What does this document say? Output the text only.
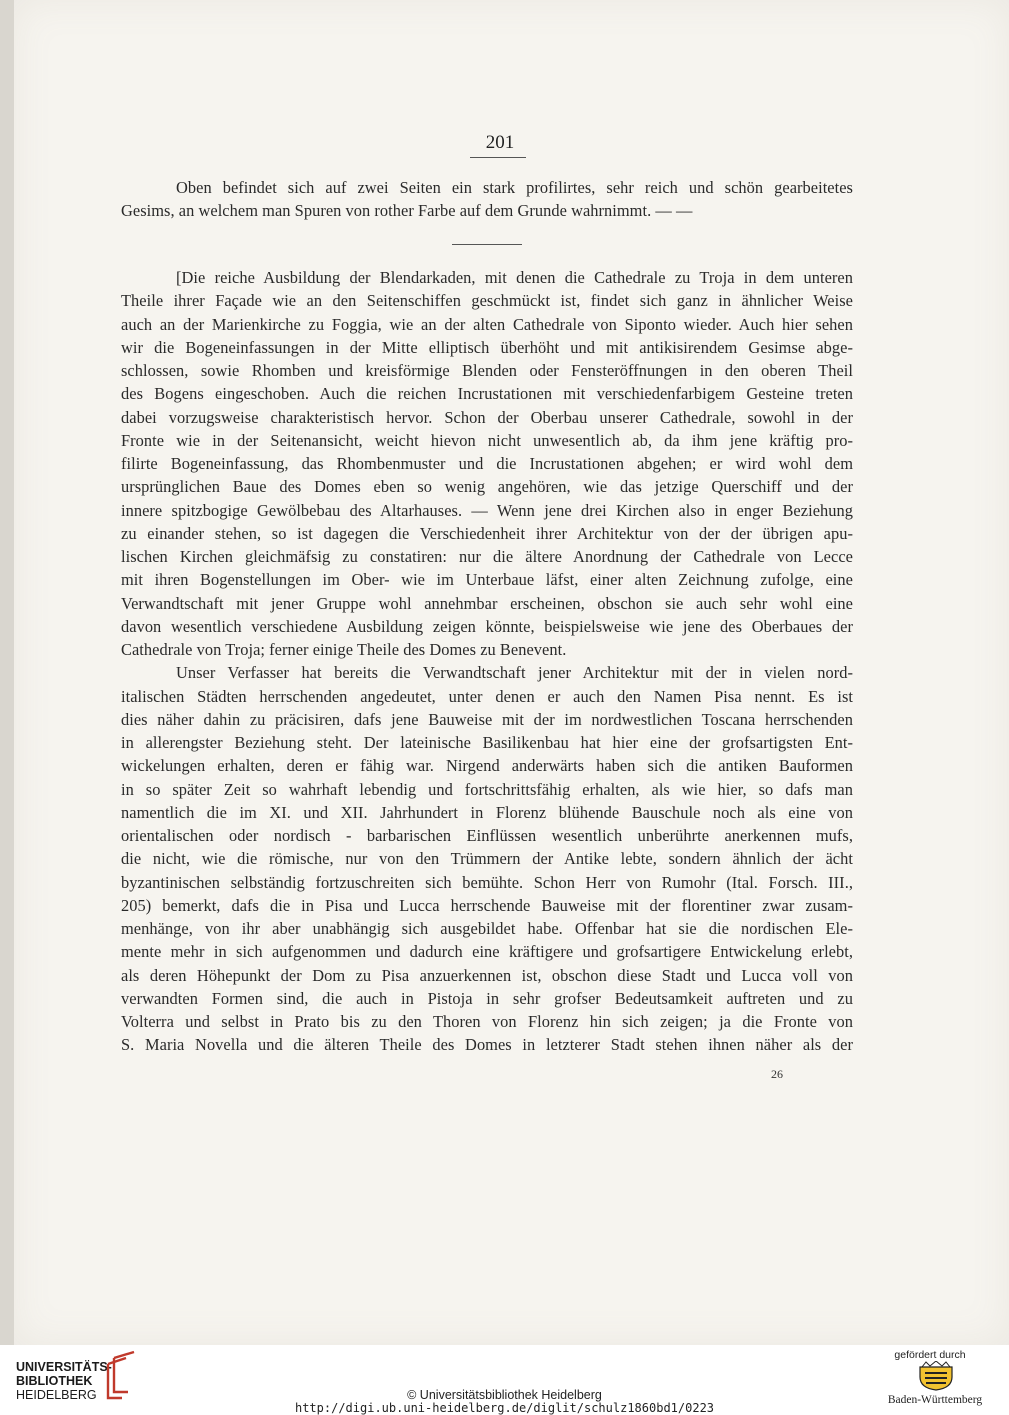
201
Oben befindet sich auf zwei Seiten ein stark profilirtes, sehr reich und schön gearbeitetes
Gesims, an welchem man Spuren von rother Farbe auf dem Grunde wahrnimmt. — —
[Die reiche Ausbildung der Blendarkaden, mit denen die Cathedrale zu Troja in dem unteren
Theile ihrer Façade wie an den Seitenschiffen geschmückt ist, findet sich ganz in ähnlicher Weise
auch an der Marienkirche zu Foggia, wie an der alten Cathedrale von Siponto wieder. Auch hier sehen
wir die Bogeneinfassungen in der Mitte elliptisch überhöht und mit antikisirendem Gesimse abge-
schlossen, sowie Rhomben und kreisförmige Blenden oder Fensteröffnungen in den oberen Theil
des Bogens eingeschoben. Auch die reichen Incrustationen mit verschiedenfarbigem Gesteine treten
dabei vorzugsweise charakteristisch hervor. Schon der Oberbau unserer Cathedrale, sowohl in der
Fronte wie in der Seitenansicht, weicht hievon nicht unwesentlich ab, da ihm jene kräftig pro-
filirte Bogeneinfassung, das Rhombenmuster und die Incrustationen abgehen; er wird wohl dem
ursprünglichen Baue des Domes eben so wenig angehören, wie das jetzige Querschiff und der
innere spitzbogige Gewölbebau des Altarhauses. — Wenn jene drei Kirchen also in enger Beziehung
zu einander stehen, so ist dagegen die Verschiedenheit ihrer Architektur von der der übrigen apu-
lischen Kirchen gleichmäfsig zu constatiren: nur die ältere Anordnung der Cathedrale von Lecce
mit ihren Bogenstellungen im Ober- wie im Unterbaue läfst, einer alten Zeichnung zufolge, eine
Verwandtschaft mit jener Gruppe wohl annehmbar erscheinen, obschon sie auch sehr wohl eine
davon wesentlich verschiedene Ausbildung zeigen könnte, beispielsweise wie jene des Oberbaues der
Cathedrale von Troja; ferner einige Theile des Domes zu Benevent.
Unser Verfasser hat bereits die Verwandtschaft jener Architektur mit der in vielen nord-
italischen Städten herrschenden angedeutet, unter denen er auch den Namen Pisa nennt. Es ist
dies näher dahin zu präcisiren, dafs jene Bauweise mit der im nordwestlichen Toscana herrschenden
in allerengster Beziehung steht. Der lateinische Basilikenbau hat hier eine der grofsartigsten Ent-
wickelungen erhalten, deren er fähig war. Nirgend anderwärts haben sich die antiken Bauformen
in so später Zeit so wahrhaft lebendig und fortschrittsfähig erhalten, als wie hier, so dafs man
namentlich die im XI. und XII. Jahrhundert in Florenz blühende Bauschule noch als eine von
orientalischen oder nordisch - barbarischen Einflüssen wesentlich unberührte anerkennen mufs,
die nicht, wie die römische, nur von den Trümmern der Antike lebte, sondern ähnlich der ächt
byzantinischen selbständig fortzuschreiten sich bemühte. Schon Herr von Rumohr (Ital. Forsch. III.,
205) bemerkt, dafs die in Pisa und Lucca herrschende Bauweise mit der florentiner zwar zusam-
menhänge, von ihr aber unabhängig sich ausgebildet habe. Offenbar hat sie die nordischen Ele-
mente mehr in sich aufgenommen und dadurch eine kräftigere und grofsartigere Entwickelung erlebt,
als deren Höhepunkt der Dom zu Pisa anzuerkennen ist, obschon diese Stadt und Lucca voll von
verwandten Formen sind, die auch in Pistoja in sehr grofser Bedeutsamkeit auftreten und zu
Volterra und selbst in Prato bis zu den Thoren von Florenz hin sich zeigen; ja die Fronte von
S. Maria Novella und die älteren Theile des Domes in letzterer Stadt stehen ihnen näher als der
26
UNIVERSITÄTS-
BIBLIOTHEK
HEIDELBERG	© Universitätsbibliothek Heidelberg
http://digi.ub.uni-heidelberg.de/diglit/schulz1860bd1/0223
gefördert durch
Baden-Württemberg
